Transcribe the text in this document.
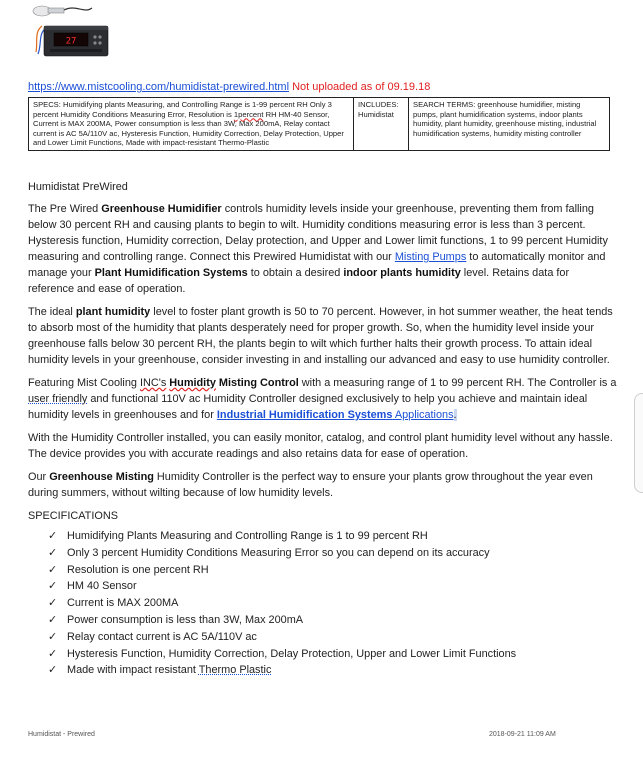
27
https://www.mistcooling.com/humidistat-prewired.html Not uploaded as of 09.19.18
SPECS: Humidifying plants Measuring, and Controlling Range is 1-99 percent RH Only 3 percent Humidity Conditions Measuring Error, Resolution is 1percent RH HM-40 Sensor, Current is MAX 200MA, Power consumption is less than 3W, Max 200mA, Relay contact current is AC 5A/110V ac, Hysteresis Function, Humidity Correction, Delay Protection, Upper and Lower Limit Functions, Made with impact-resistant Thermo-Plastic	INCLUDES: Humidistat	SEARCH TERMS: greenhouse humidifier, misting pumps, plant humidification systems, indoor plants humidity, plant humidity, greenhouse misting, industrial humidification systems, humidity misting controller

Humidistat PreWired

The Pre Wired Greenhouse Humidifier controls humidity levels inside your greenhouse, preventing them from falling below 30 percent RH and causing plants to begin to wilt. Humidity conditions measuring error is less than 3 percent. Hysteresis function, Humidity correction, Delay protection, and Upper and Lower limit functions, 1 to 99 percent Humidity measuring and controlling range. Connect this Prewired Humidistat with our Misting Pumps to automatically monitor and manage your Plant Humidification Systems to obtain a desired indoor plants humidity level. Retains data for reference and ease of operation.

The ideal plant humidity level to foster plant growth is 50 to 70 percent. However, in hot summer weather, the heat tends to absorb most of the humidity that plants desperately need for proper growth. So, when the humidity level inside your greenhouse falls below 30 percent RH, the plants begin to wilt which further halts their growth process. To attain ideal humidity levels in your greenhouse, consider investing in and installing our advanced and easy to use humidity controller.

Featuring Mist Cooling INC's Humidity Misting Control with a measuring range of 1 to 99 percent RH. The Controller is a user friendly and functional 110V ac Humidity Controller designed exclusively to help you achieve and maintain ideal humidity levels in greenhouses and for Industrial Humidification Systems Applications.

With the Humidity Controller installed, you can easily monitor, catalog, and control plant humidity level without any hassle. The device provides you with accurate readings and also retains data for ease of operation.

Our Greenhouse Misting Humidity Controller is the perfect way to ensure your plants grow throughout the year even during summers, without wilting because of low humidity levels.

SPECIFICATIONS

✓ Humidifying Plants Measuring and Controlling Range is 1 to 99 percent RH
✓ Only 3 percent Humidity Conditions Measuring Error so you can depend on its accuracy
✓ Resolution is one percent RH
✓ HM 40 Sensor
✓ Current is MAX 200MA
✓ Power consumption is less than 3W, Max 200mA
✓ Relay contact current is AC 5A/110V ac
✓ Hysteresis Function, Humidity Correction, Delay Protection, Upper and Lower Limit Functions
✓ Made with impact resistant Thermo Plastic
Humidistat - Prewired	2018-09-21 11:09 AM
